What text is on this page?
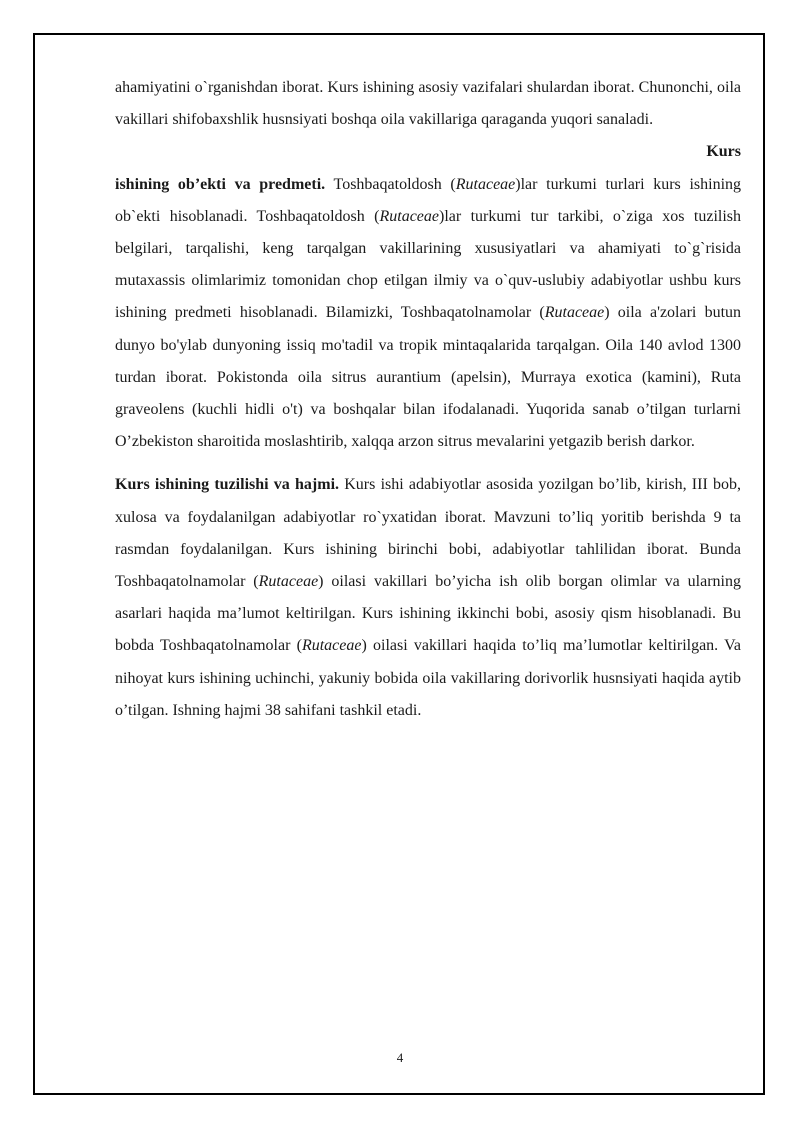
ahamiyatini o`rganishdan iborat. Kurs ishining asosiy vazifalari shulardan iborat. Chunonchi, oila vakillari shifobaxshlik husnsiyati boshqa oila vakillariga qaraganda yuqori sanaladi.
Kurs
ishining ob’ekti va predmeti. Toshbaqatoldosh (Rutaceae)lar turkumi turlari kurs ishining ob`ekti hisoblanadi. Toshbaqatoldosh (Rutaceae)lar turkumi tur tarkibi, o`ziga xos tuzilish belgilari, tarqalishi, keng tarqalgan vakillarining xususiyatlari va ahamiyati to`g`risida mutaxassis olimlarimiz tomonidan chop etilgan ilmiy va o`quv-uslubiy adabiyotlar ushbu kurs ishining predmeti hisoblanadi. Bilamizki, Toshbaqatolnamolar (Rutaceae) oila a'zolari butun dunyo bo'ylab dunyoning issiq mo'tadil va tropik mintaqalarida tarqalgan. Oila 140 avlod 1300 turdan iborat. Pokistonda oila sitrus aurantium (apelsin), Murraya exotica (kamini), Ruta graveolens (kuchli hidli o't) va boshqalar bilan ifodalanadi. Yuqorida sanab o’tilgan turlarni O’zbekiston sharoitida moslashtirib, xalqqa arzon sitrus mevalarini yetgazib berish darkor.

Kurs ishining tuzilishi va hajmi. Kurs ishi adabiyotlar asosida yozilgan bo’lib, kirish, III bob, xulosa va foydalanilgan adabiyotlar ro`yxatidan iborat. Mavzuni to’liq yoritib berishda 9 ta rasmdan foydalanilgan. Kurs ishining birinchi bobi, adabiyotlar tahlilidan iborat. Bunda Toshbaqatolnamolar (Rutaceae) oilasi vakillari bo’yicha ish olib borgan olimlar va ularning asarlari haqida ma’lumot keltirilgan. Kurs ishining ikkinchi bobi, asosiy qism hisoblanadi. Bu bobda Toshbaqatolnamolar (Rutaceae) oilasi vakillari haqida to’liq ma’lumotlar keltirilgan. Va nihoyat kurs ishining uchinchi, yakuniy bobida oila vakillaring dorivorlik husnsiyati haqida aytib o’tilgan. Ishning hajmi 38 sahifani tashkil etadi.

4
